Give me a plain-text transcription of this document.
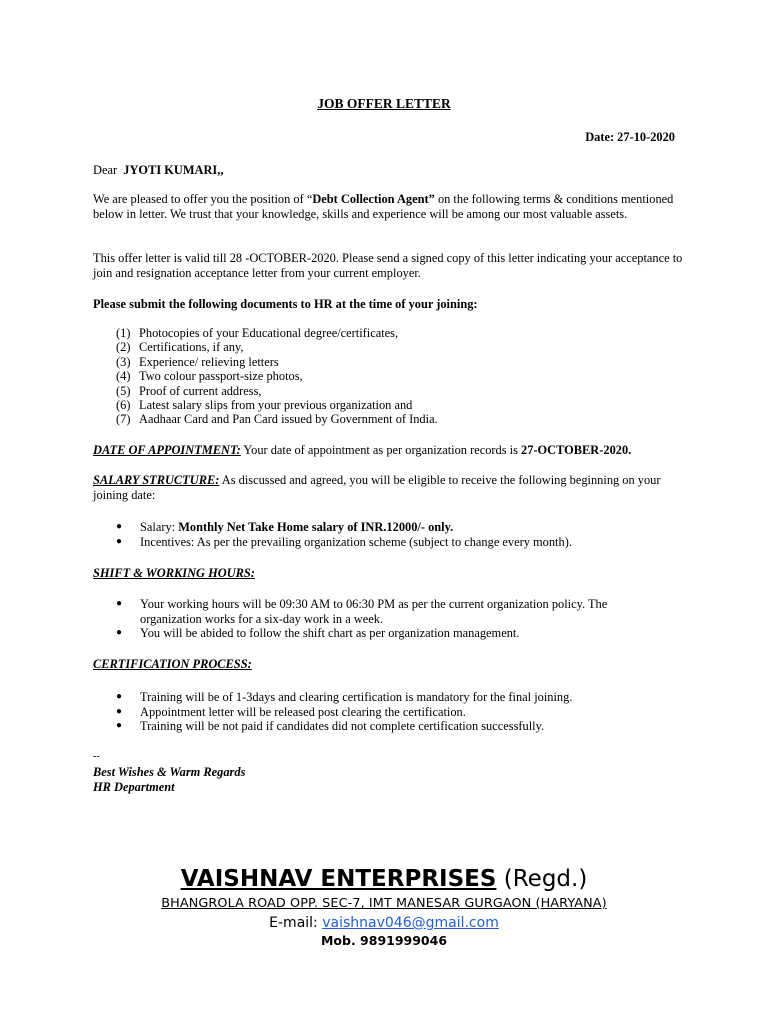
JOB OFFER LETTER
Date: 27-10-2020
Dear JYOTI KUMARI,,
We are pleased to offer you the position of “Debt Collection Agent” on the following terms & conditions mentioned below in letter. We trust that your knowledge, skills and experience will be among our most valuable assets.
This offer letter is valid till 28 -OCTOBER-2020. Please send a signed copy of this letter indicating your acceptance to join and resignation acceptance letter from your current employer.
Please submit the following documents to HR at the time of your joining:
(1) Photocopies of your Educational degree/certificates,
(2) Certifications, if any,
(3) Experience/ relieving letters
(4) Two colour passport-size photos,
(5) Proof of current address,
(6) Latest salary slips from your previous organization and
(7) Aadhaar Card and Pan Card issued by Government of India.
DATE OF APPOINTMENT: Your date of appointment as per organization records is 27-OCTOBER-2020.
SALARY STRUCTURE: As discussed and agreed, you will be eligible to receive the following beginning on your joining date:
●	Salary: Monthly Net Take Home salary of INR.12000/- only.
●	Incentives: As per the prevailing organization scheme (subject to change every month).
SHIFT & WORKING HOURS:
●	Your working hours will be 09:30 AM to 06:30 PM as per the current organization policy. The organization works for a six-day work in a week.
●	You will be abided to follow the shift chart as per organization management.
CERTIFICATION PROCESS:
●	Training will be of 1-3days and clearing certification is mandatory for the final joining.
●	Appointment letter will be released post clearing the certification.
●	Training will be not paid if candidates did not complete certification successfully.
--
Best Wishes & Warm Regards
HR Department
VAISHNAV ENTERPRISES (Regd.)
BHANGROLA ROAD OPP. SEC-7, IMT MANESAR GURGAON (HARYANA)
E-mail: vaishnav046@gmail.com
Mob. 9891999046
